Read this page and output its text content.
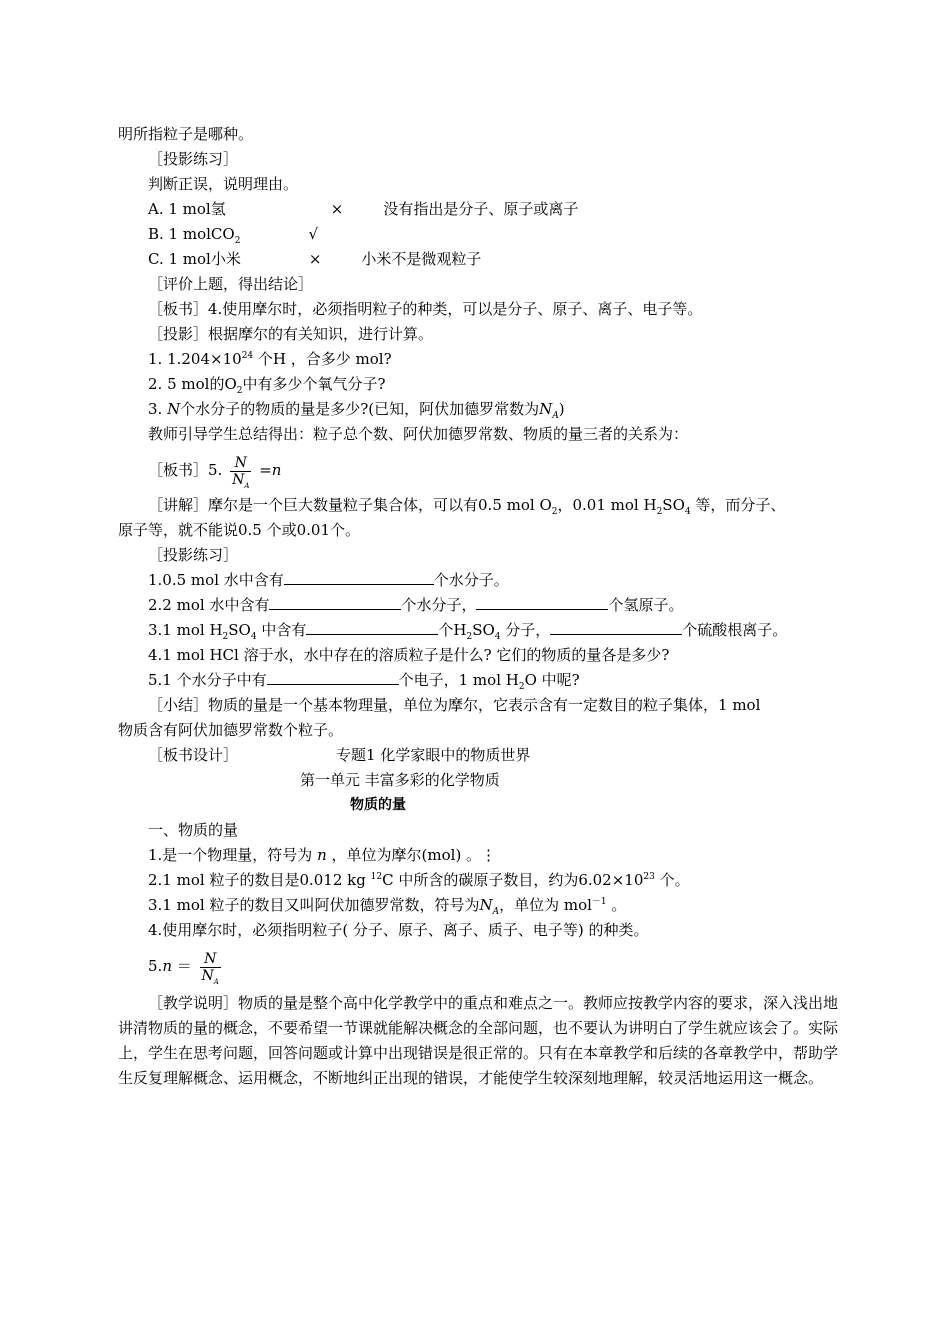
明所指粒子是哪种。
［投影练习］
判断正误，说明理由。
A. 1 mol氢	×	没有指出是分子、原子或离子
B. 1 molCO$_2$	√
C. 1 mol小米	×	小米不是微观粒子
［评价上题，得出结论］
［板书］4.使用摩尔时，必须指明粒子的种类，可以是分子、原子、离子、电子等。
［投影］根据摩尔的有关知识，进行计算。
1. $1.204\times 10^{24}$ 个H ，合多少 mol?
2. 5 mol的$O_2$中有多少个氧气分子?
3. N个水分子的物质的量是多少?(已知，阿伏加德罗常数为$N_A$)
教师引导学生总结得出：粒子总个数、阿伏加德罗常数、物质的量三者的关系为：
［板书］5. $\frac{N}{N_A} =n$
［讲解］摩尔是一个巨大数量粒子集合体，可以有0.5 mol $O_2$，0.01 mol $H_2SO_4$ 等，而分子、
原子等，就不能说0.5 个或0.01个。
［投影练习］
1.0.5 mol 水中含有	个水分子。
2.2 mol 水中含有	个水分子，	个氢原子。
3.1 mol $H_2SO_4$ 中含有	个$H_2SO_4$ 分子，	个硫酸根离子。
4.1 mol HCl 溶于水，水中存在的溶质粒子是什么? 它们的物质的量各是多少?
5.1 个水分子中有	个电子，1 mol $H_2O$ 中呢?
［小结］物质的量是一个基本物理量，单位为摩尔，它表示含有一定数目的粒子集体，1 mol
物质含有阿伏加德罗常数个粒子。
［板书设计］	专题1 化学家眼中的物质世界
第一单元 丰富多彩的化学物质
物质的量
一、物质的量
1.是一个物理量，符号为 n ，单位为摩尔(mol) 。⋮
2.1 mol 粒子的数目是0.012 kg $^{12}$C 中所含的碳原子数目，约为$6.02\times 10^{23}$ 个。
3.1 mol 粒子的数目又叫阿伏加德罗常数，符号为$N_A$，单位为 mol$^{-1}$ 。
4.使用摩尔时，必须指明粒子( 分子、原子、离子、质子、电子等) 的种类。
$5.n = \frac{N}{N_A}$
［教学说明］物质的量是整个高中化学教学中的重点和难点之一。教师应按教学内容的要求，深入浅出地讲清物质的量的概念，不要希望一节课就能解决概念的全部问题，也不要认为讲明白了学生就应该会了。实际上，学生在思考问题，回答问题或计算中出现错误是很正常的。只有在本章教学和后续的各章教学中，帮助学生反复理解概念、运用概念，不断地纠正出现的错误，才能使学生较深刻地理解，较灵活地运用这一概念。
